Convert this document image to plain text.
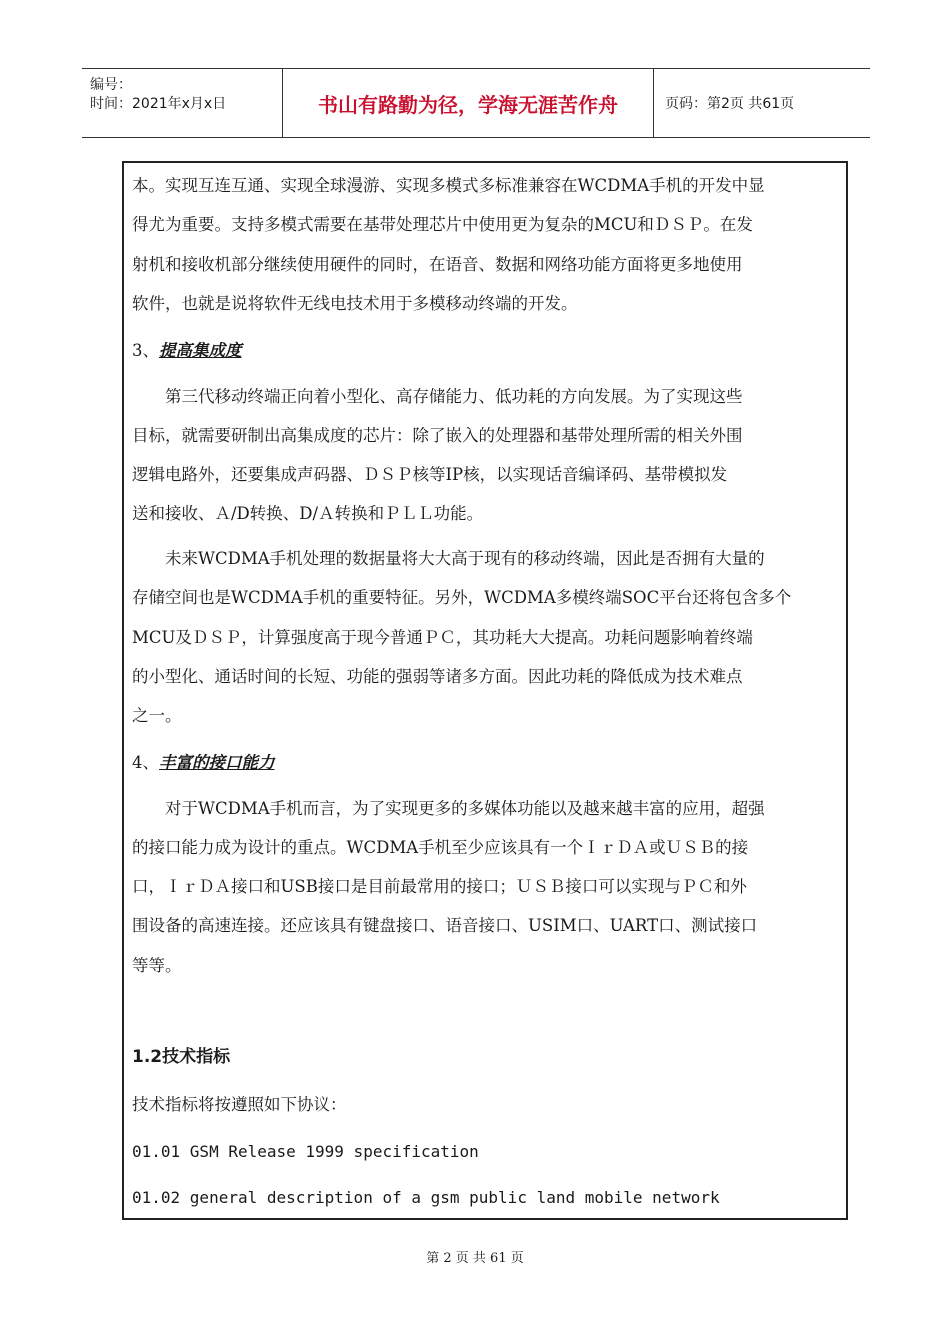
编号：
时间：2021年x月x日	书山有路勤为径，学海无涯苦作舟	页码：第2页 共61页
本。实现互连互通、实现全球漫游、实现多模式多标准兼容在WCDMA手机的开发中显
得尤为重要。支持多模式需要在基带处理芯片中使用更为复杂的MCU和ＤＳＰ。在发
射机和接收机部分继续使用硬件的同时，在语音、数据和网络功能方面将更多地使用
软件，也就是说将软件无线电技术用于多模移动终端的开发。
3、提高集成度
第三代移动终端正向着小型化、高存储能力、低功耗的方向发展。为了实现这些
目标，就需要研制出高集成度的芯片：除了嵌入的处理器和基带处理所需的相关外围
逻辑电路外，还要集成声码器、ＤＳＰ核等IP核，以实现话音编译码、基带模拟发
送和接收、Ａ/D转换、D/Ａ转换和ＰＬＬ功能。
未来WCDMA手机处理的数据量将大大高于现有的移动终端，因此是否拥有大量的
存储空间也是WCDMA手机的重要特征。另外，WCDMA多模终端SOC平台还将包含多个
MCU及ＤＳＰ，计算强度高于现今普通ＰＣ，其功耗大大提高。功耗问题影响着终端
的小型化、通话时间的长短、功能的强弱等诸多方面。因此功耗的降低成为技术难点
之一。
4、丰富的接口能力
对于WCDMA手机而言，为了实现更多的多媒体功能以及越来越丰富的应用，超强
的接口能力成为设计的重点。WCDMA手机至少应该具有一个ＩｒＤＡ或ＵＳＢ的接
口，ＩｒＤＡ接口和USB接口是目前最常用的接口；ＵＳＢ接口可以实现与ＰＣ和外
围设备的高速连接。还应该具有键盘接口、语音接口、USIM口、UART口、测试接口
等等。
1.2技术指标
技术指标将按遵照如下协议：
01.01 GSM Release 1999 specification
01.02 general description of a gsm public land mobile network
第 2 页 共 61 页
